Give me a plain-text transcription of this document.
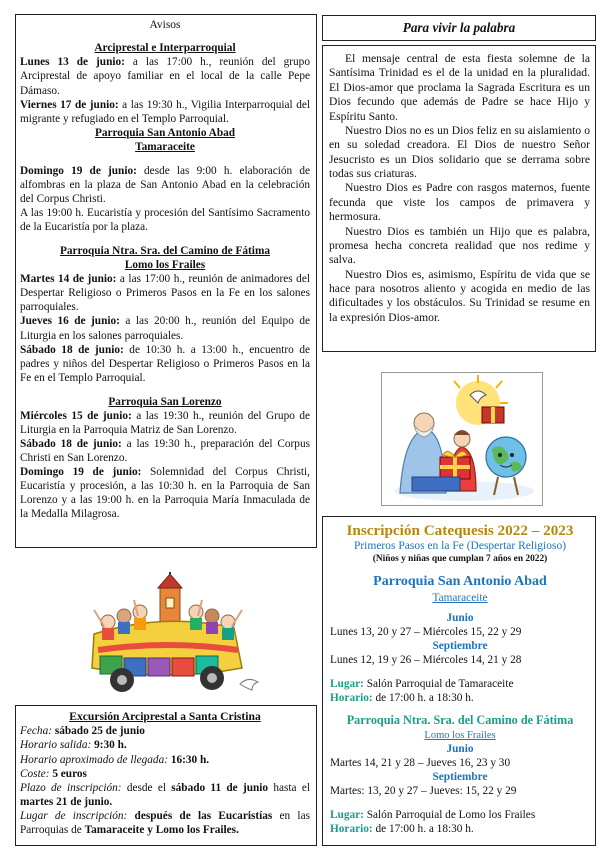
Avisos
Arciprestal e Interparroquial

Lunes 13 de junio: a las 17:00 h., reunión del grupo Arciprestal de apoyo familiar en el local de la calle Pepe Dámaso.

Viernes 17 de junio: a las 19:30 h., Vigilia Interparroquial del migrante y refugiado en el Templo Parroquial.

Parroquia San Antonio Abad
Tamaraceite

Domingo 19 de junio: desde las 9:00 h. elaboración de alfombras en la plaza de San Antonio Abad en la celebración del Corpus Christi.

A las 19:00 h. Eucaristía y procesión del Santísimo Sacramento de la Eucaristía por la plaza.

Parroquia Ntra. Sra. del Camino de Fátima
Lomo los Frailes

Martes 14 de junio: a las 17:00 h., reunión de animadores del Despertar Religioso o Primeros Pasos en la Fe en los salones parroquiales.

Jueves 16 de junio: a las 20:00 h., reunión del Equipo de Liturgia en los salones parroquiales.

Sábado 18 de junio: de 10:30 h. a 13:00 h., encuentro de padres y niños del Despertar Religioso o Primeros Pasos en la Fe en el Templo Parroquial.

Parroquia San Lorenzo

Miércoles 15 de junio: a las 19:30 h., reunión del Grupo de Liturgia en la Parroquia Matriz de San Lorenzo.

Sábado 18 de junio: a las 19:30 h., preparación del Corpus Christi en San Lorenzo.

Domingo 19 de junio: Solemnidad del Corpus Christi, Eucaristía y procesión, a las 10:30 h. en la Parroquia de San Lorenzo y a las 19:00 h. en la Parroquia María Inmaculada de la Medalla Milagrosa.

Para vivir la palabra

El mensaje central de esta fiesta solemne de la Santísima Trinidad es el de la unidad en la pluralidad. El Dios-amor que proclama la Sagrada Escritura es un Dios fecundo que además de Padre se hace Hijo y Espíritu Santo.

Nuestro Dios no es un Dios feliz en su aislamiento o en su soledad creadora. El Dios de nuestro Señor Jesucristo es un Dios solidario que se derrama sobre todas sus criaturas.

Nuestro Dios es Padre con rasgos maternos, fuente fecunda que viste los campos de primavera y hermosura.

Nuestro Dios es también un Hijo que es palabra, promesa hecha concreta realidad que nos redime y salva.

Nuestro Dios es, asimismo, Espíritu de vida que se hace para nosotros aliento y acogida en medio de las dificultades y los obstáculos. Su Trinidad se resume en la expresión Dios-amor.

Inscripción Catequesis 2022 – 2023
Primeros Pasos en la Fe (Despertar Religioso)
(Niños y niñas que cumplan 7 años en 2022)
Parroquia San Antonio Abad
Tamaraceite
Junio
Lunes 13, 20 y 27 – Miércoles 15, 22 y 29
Septiembre
Lunes 12, 19 y 26 – Miércoles 14, 21 y 28
Lugar: Salón Parroquial de Tamaraceite
Horario: de 17:00 h. a 18:30 h.
Parroquia Ntra. Sra. del Camino de Fátima
Lomo los Frailes
Junio
Martes 14, 21 y 28 – Jueves 16, 23 y 30
Septiembre
Martes: 13, 20 y 27 – Jueves: 15, 22 y 29
Lugar: Salón Parroquial de Lomo los Frailes
Horario: de 17:00 h. a 18:30 h.
Excursión Arciprestal a Santa Cristina
Fecha: sábado 25 de junio
Horario salida: 9:30 h.
Horario aproximado de llegada: 16:30 h.
Coste: 5 euros
Plazo de inscripción: desde el sábado 11 de junio hasta el martes 21 de junio.
Lugar de inscripción: después de las Eucaristías en las Parroquias de Tamaraceite y Lomo los Frailes.
